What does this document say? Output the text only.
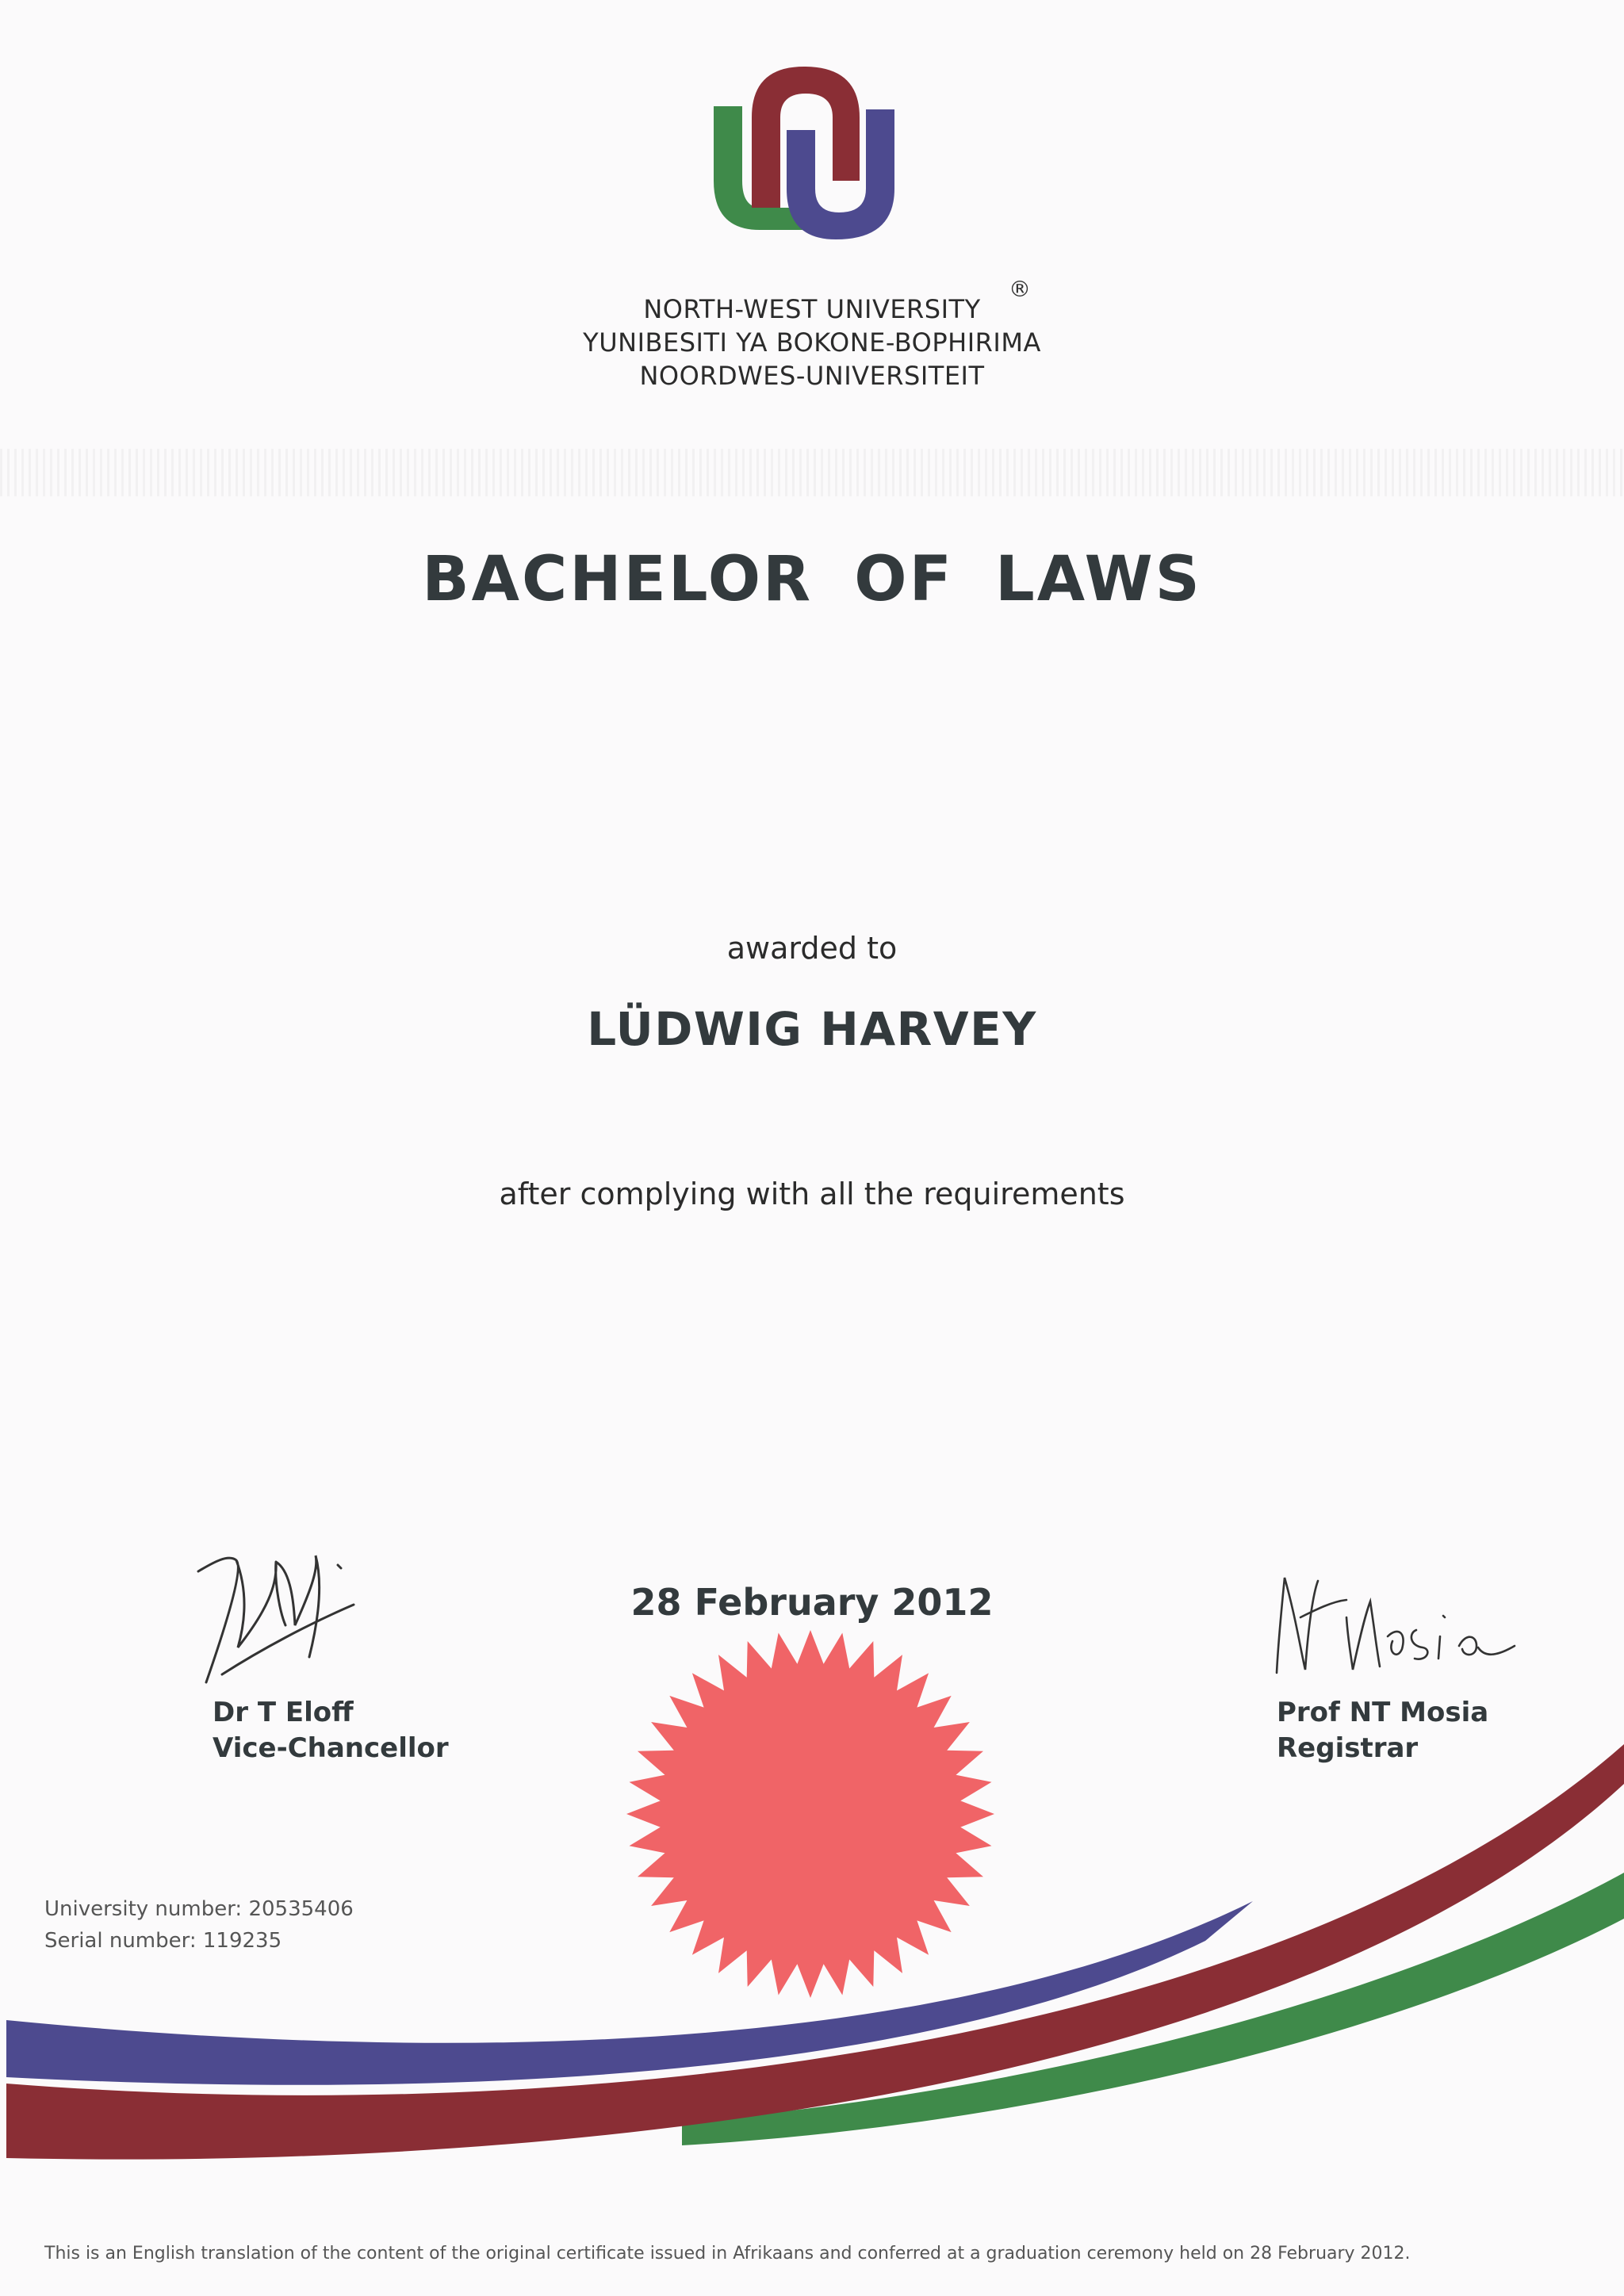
NORTH-WEST UNIVERSITY
YUNIBESITI YA BOKONE-BOPHIRIMA
NOORDWES-UNIVERSITEIT
®
BACHELOR OF LAWS
awarded to
LÜDWIG HARVEY
after complying with all the requirements
Dr T Eloff
Vice-Chancellor
Prof NT Mosia
Registrar
28 February 2012
University number: 20535406
Serial number: 119235
This is an English translation of the content of the original certificate issued in Afrikaans and conferred at a graduation ceremony held on 28 February 2012.
